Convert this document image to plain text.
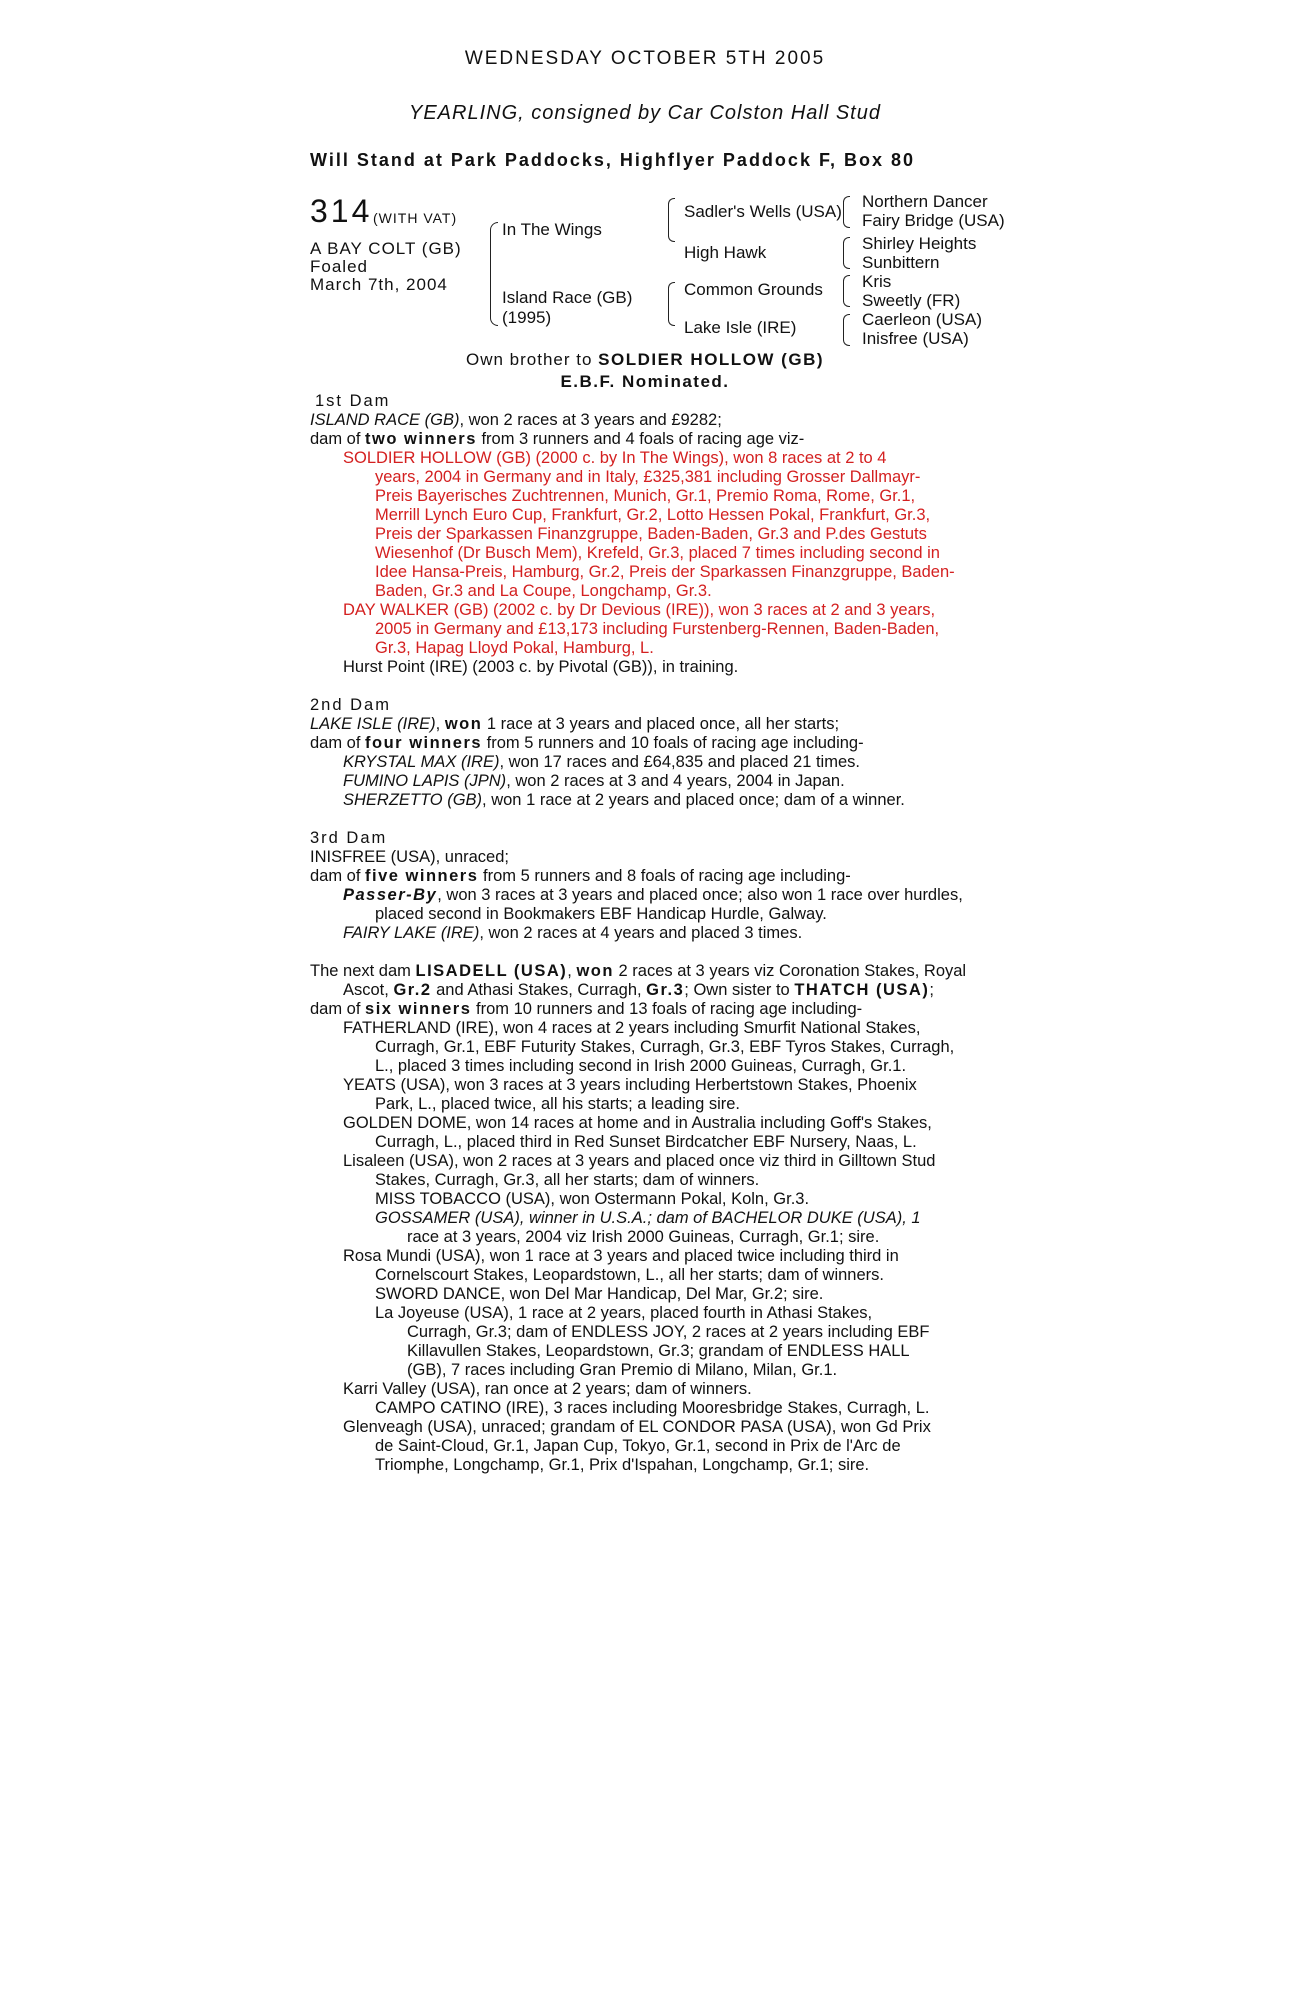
WEDNESDAY OCTOBER 5TH 2005
YEARLING, consigned by Car Colston Hall Stud
Will Stand at Park Paddocks, Highflyer Paddock F, Box 80
314 (WITH VAT)
A BAY COLT (GB)
Foaled
March 7th, 2004
In The Wings
Island Race (GB)
(1995)
Sadler's Wells (USA)
High Hawk
Common Grounds
Lake Isle (IRE)
Northern Dancer
Fairy Bridge (USA)
Shirley Heights
Sunbittern
Kris
Sweetly (FR)
Caerleon (USA)
Inisfree (USA)
Own brother to SOLDIER HOLLOW (GB)
E.B.F. Nominated.
1st Dam
ISLAND RACE (GB), won 2 races at 3 years and £9282;
dam of two winners from 3 runners and 4 foals of racing age viz-
SOLDIER HOLLOW (GB) (2000 c. by In The Wings), won 8 races at 2 to 4
years, 2004 in Germany and in Italy, £325,381 including Grosser Dallmayr-
Preis Bayerisches Zuchtrennen, Munich, Gr.1, Premio Roma, Rome, Gr.1,
Merrill Lynch Euro Cup, Frankfurt, Gr.2, Lotto Hessen Pokal, Frankfurt, Gr.3,
Preis der Sparkassen Finanzgruppe, Baden-Baden, Gr.3 and P.des Gestuts
Wiesenhof (Dr Busch Mem), Krefeld, Gr.3, placed 7 times including second in
Idee Hansa-Preis, Hamburg, Gr.2, Preis der Sparkassen Finanzgruppe, Baden-
Baden, Gr.3 and La Coupe, Longchamp, Gr.3.
DAY WALKER (GB) (2002 c. by Dr Devious (IRE)), won 3 races at 2 and 3 years,
2005 in Germany and £13,173 including Furstenberg-Rennen, Baden-Baden,
Gr.3, Hapag Lloyd Pokal, Hamburg, L.
Hurst Point (IRE) (2003 c. by Pivotal (GB)), in training.
2nd Dam
LAKE ISLE (IRE), won 1 race at 3 years and placed once, all her starts;
dam of four winners from 5 runners and 10 foals of racing age including-
KRYSTAL MAX (IRE), won 17 races and £64,835 and placed 21 times.
FUMINO LAPIS (JPN), won 2 races at 3 and 4 years, 2004 in Japan.
SHERZETTO (GB), won 1 race at 2 years and placed once; dam of a winner.
3rd Dam
INISFREE (USA), unraced;
dam of five winners from 5 runners and 8 foals of racing age including-
Passer-By, won 3 races at 3 years and placed once; also won 1 race over hurdles,
placed second in Bookmakers EBF Handicap Hurdle, Galway.
FAIRY LAKE (IRE), won 2 races at 4 years and placed 3 times.
The next dam LISADELL (USA), won 2 races at 3 years viz Coronation Stakes, Royal
Ascot, Gr.2 and Athasi Stakes, Curragh, Gr.3; Own sister to THATCH (USA);
dam of six winners from 10 runners and 13 foals of racing age including-
FATHERLAND (IRE), won 4 races at 2 years including Smurfit National Stakes,
Curragh, Gr.1, EBF Futurity Stakes, Curragh, Gr.3, EBF Tyros Stakes, Curragh,
L., placed 3 times including second in Irish 2000 Guineas, Curragh, Gr.1.
YEATS (USA), won 3 races at 3 years including Herbertstown Stakes, Phoenix
Park, L., placed twice, all his starts; a leading sire.
GOLDEN DOME, won 14 races at home and in Australia including Goff's Stakes,
Curragh, L., placed third in Red Sunset Birdcatcher EBF Nursery, Naas, L.
Lisaleen (USA), won 2 races at 3 years and placed once viz third in Gilltown Stud
Stakes, Curragh, Gr.3, all her starts; dam of winners.
MISS TOBACCO (USA), won Ostermann Pokal, Koln, Gr.3.
GOSSAMER (USA), winner in U.S.A.; dam of BACHELOR DUKE (USA), 1
race at 3 years, 2004 viz Irish 2000 Guineas, Curragh, Gr.1; sire.
Rosa Mundi (USA), won 1 race at 3 years and placed twice including third in
Cornelscourt Stakes, Leopardstown, L., all her starts; dam of winners.
SWORD DANCE, won Del Mar Handicap, Del Mar, Gr.2; sire.
La Joyeuse (USA), 1 race at 2 years, placed fourth in Athasi Stakes,
Curragh, Gr.3; dam of ENDLESS JOY, 2 races at 2 years including EBF
Killavullen Stakes, Leopardstown, Gr.3; grandam of ENDLESS HALL
(GB), 7 races including Gran Premio di Milano, Milan, Gr.1.
Karri Valley (USA), ran once at 2 years; dam of winners.
CAMPO CATINO (IRE), 3 races including Mooresbridge Stakes, Curragh, L.
Glenveagh (USA), unraced; grandam of EL CONDOR PASA (USA), won Gd Prix
de Saint-Cloud, Gr.1, Japan Cup, Tokyo, Gr.1, second in Prix de l'Arc de
Triomphe, Longchamp, Gr.1, Prix d'Ispahan, Longchamp, Gr.1; sire.
